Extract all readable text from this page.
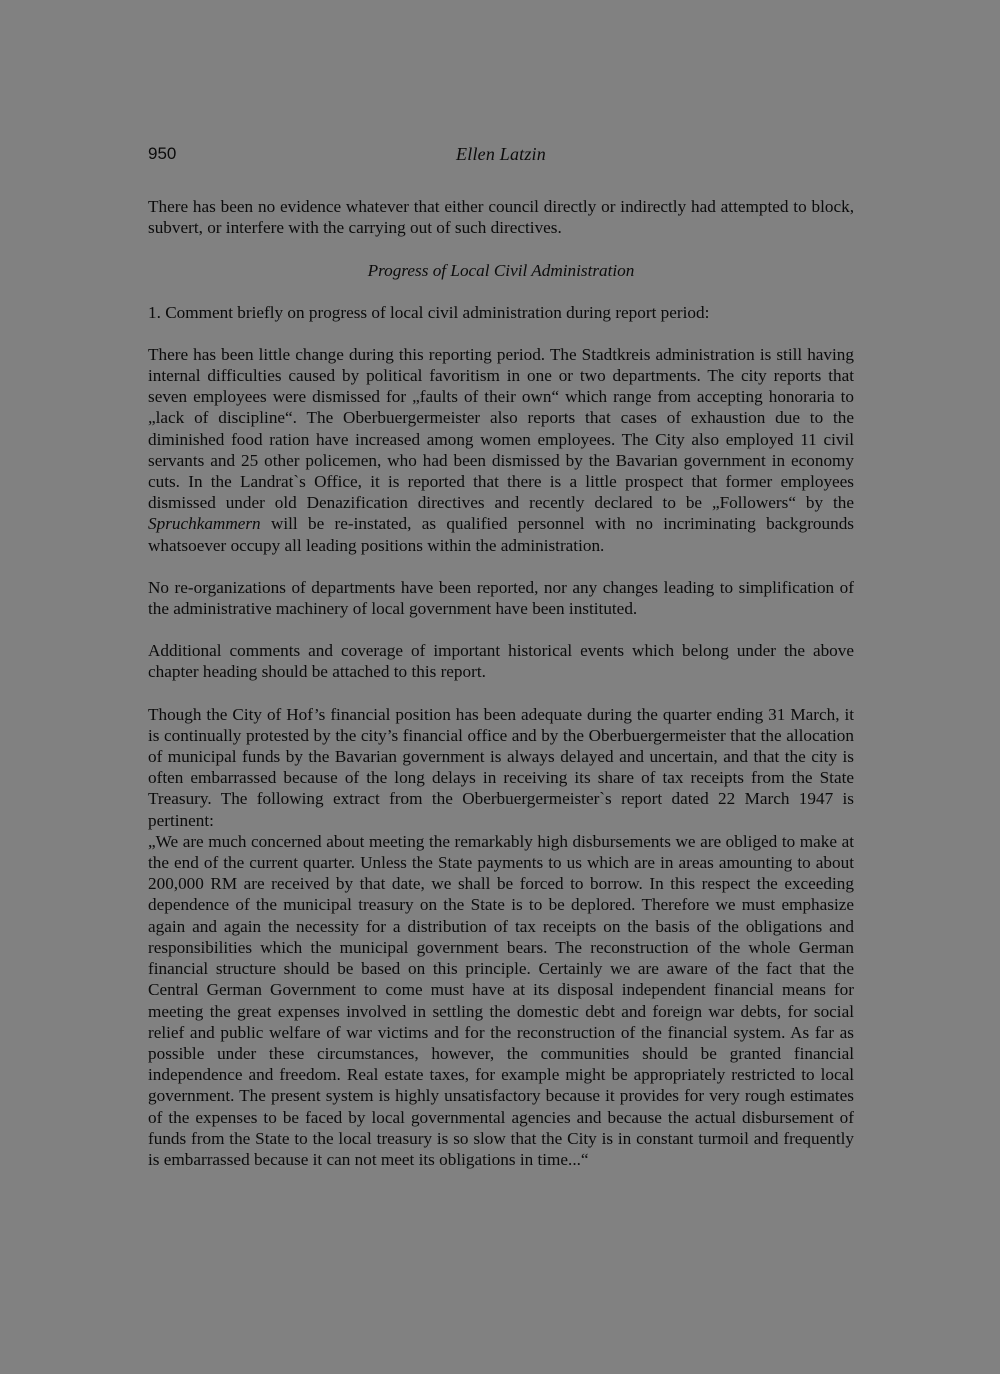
950	Ellen Latzin

There has been no evidence whatever that either council directly or indirectly had attempted to block, subvert, or interfere with the carrying out of such directives.

Progress of Local Civil Administration

1. Comment briefly on progress of local civil administration during report period:

There has been little change during this reporting period. The Stadtkreis administration is still having internal difficulties caused by political favoritism in one or two departments. The city reports that seven employees were dismissed for „faults of their own“ which range from accepting honoraria to „lack of discipline“. The Oberbuergermeister also reports that cases of exhaustion due to the diminished food ration have increased among women employees. The City also employed 11 civil servants and 25 other policemen, who had been dismissed by the Bavarian government in economy cuts. In the Landrat`s Office, it is reported that there is a little prospect that former employees dismissed under old Denazification directives and recently declared to be „Followers“ by the Spruchkammern will be re-instated, as qualified personnel with no incriminating backgrounds whatsoever occupy all leading positions within the administration.

No re-organizations of departments have been reported, nor any changes leading to simplification of the administrative machinery of local government have been instituted.

Additional comments and coverage of important historical events which belong under the above chapter heading should be attached to this report.

Though the City of Hof’s financial position has been adequate during the quarter ending 31 March, it is continually protested by the city’s financial office and by the Oberbuergermeister that the allocation of municipal funds by the Bavarian government is always delayed and uncertain, and that the city is often embarrassed because of the long delays in receiving its share of tax receipts from the State Treasury. The following extract from the Oberbuergermeister`s report dated 22 March 1947 is pertinent:

„We are much concerned about meeting the remarkably high disbursements we are obliged to make at the end of the current quarter. Unless the State payments to us which are in areas amounting to about 200,000 RM are received by that date, we shall be forced to borrow. In this respect the exceeding dependence of the municipal treasury on the State is to be deplored. Therefore we must emphasize again and again the necessity for a distribution of tax receipts on the basis of the obligations and responsibilities which the municipal government bears. The reconstruction of the whole German financial structure should be based on this principle. Certainly we are aware of the fact that the Central German Government to come must have at its disposal independent financial means for meeting the great expenses involved in settling the domestic debt and foreign war debts, for social relief and public welfare of war victims and for the reconstruction of the financial system. As far as possible under these circumstances, however, the communities should be granted financial independence and freedom. Real estate taxes, for example might be appropriately restricted to local government. The present system is highly unsatisfactory because it provides for very rough estimates of the expenses to be faced by local governmental agencies and because the actual disbursement of funds from the State to the local treasury is so slow that the City is in constant turmoil and frequently is embarrassed because it can not meet its obligations in time...“
